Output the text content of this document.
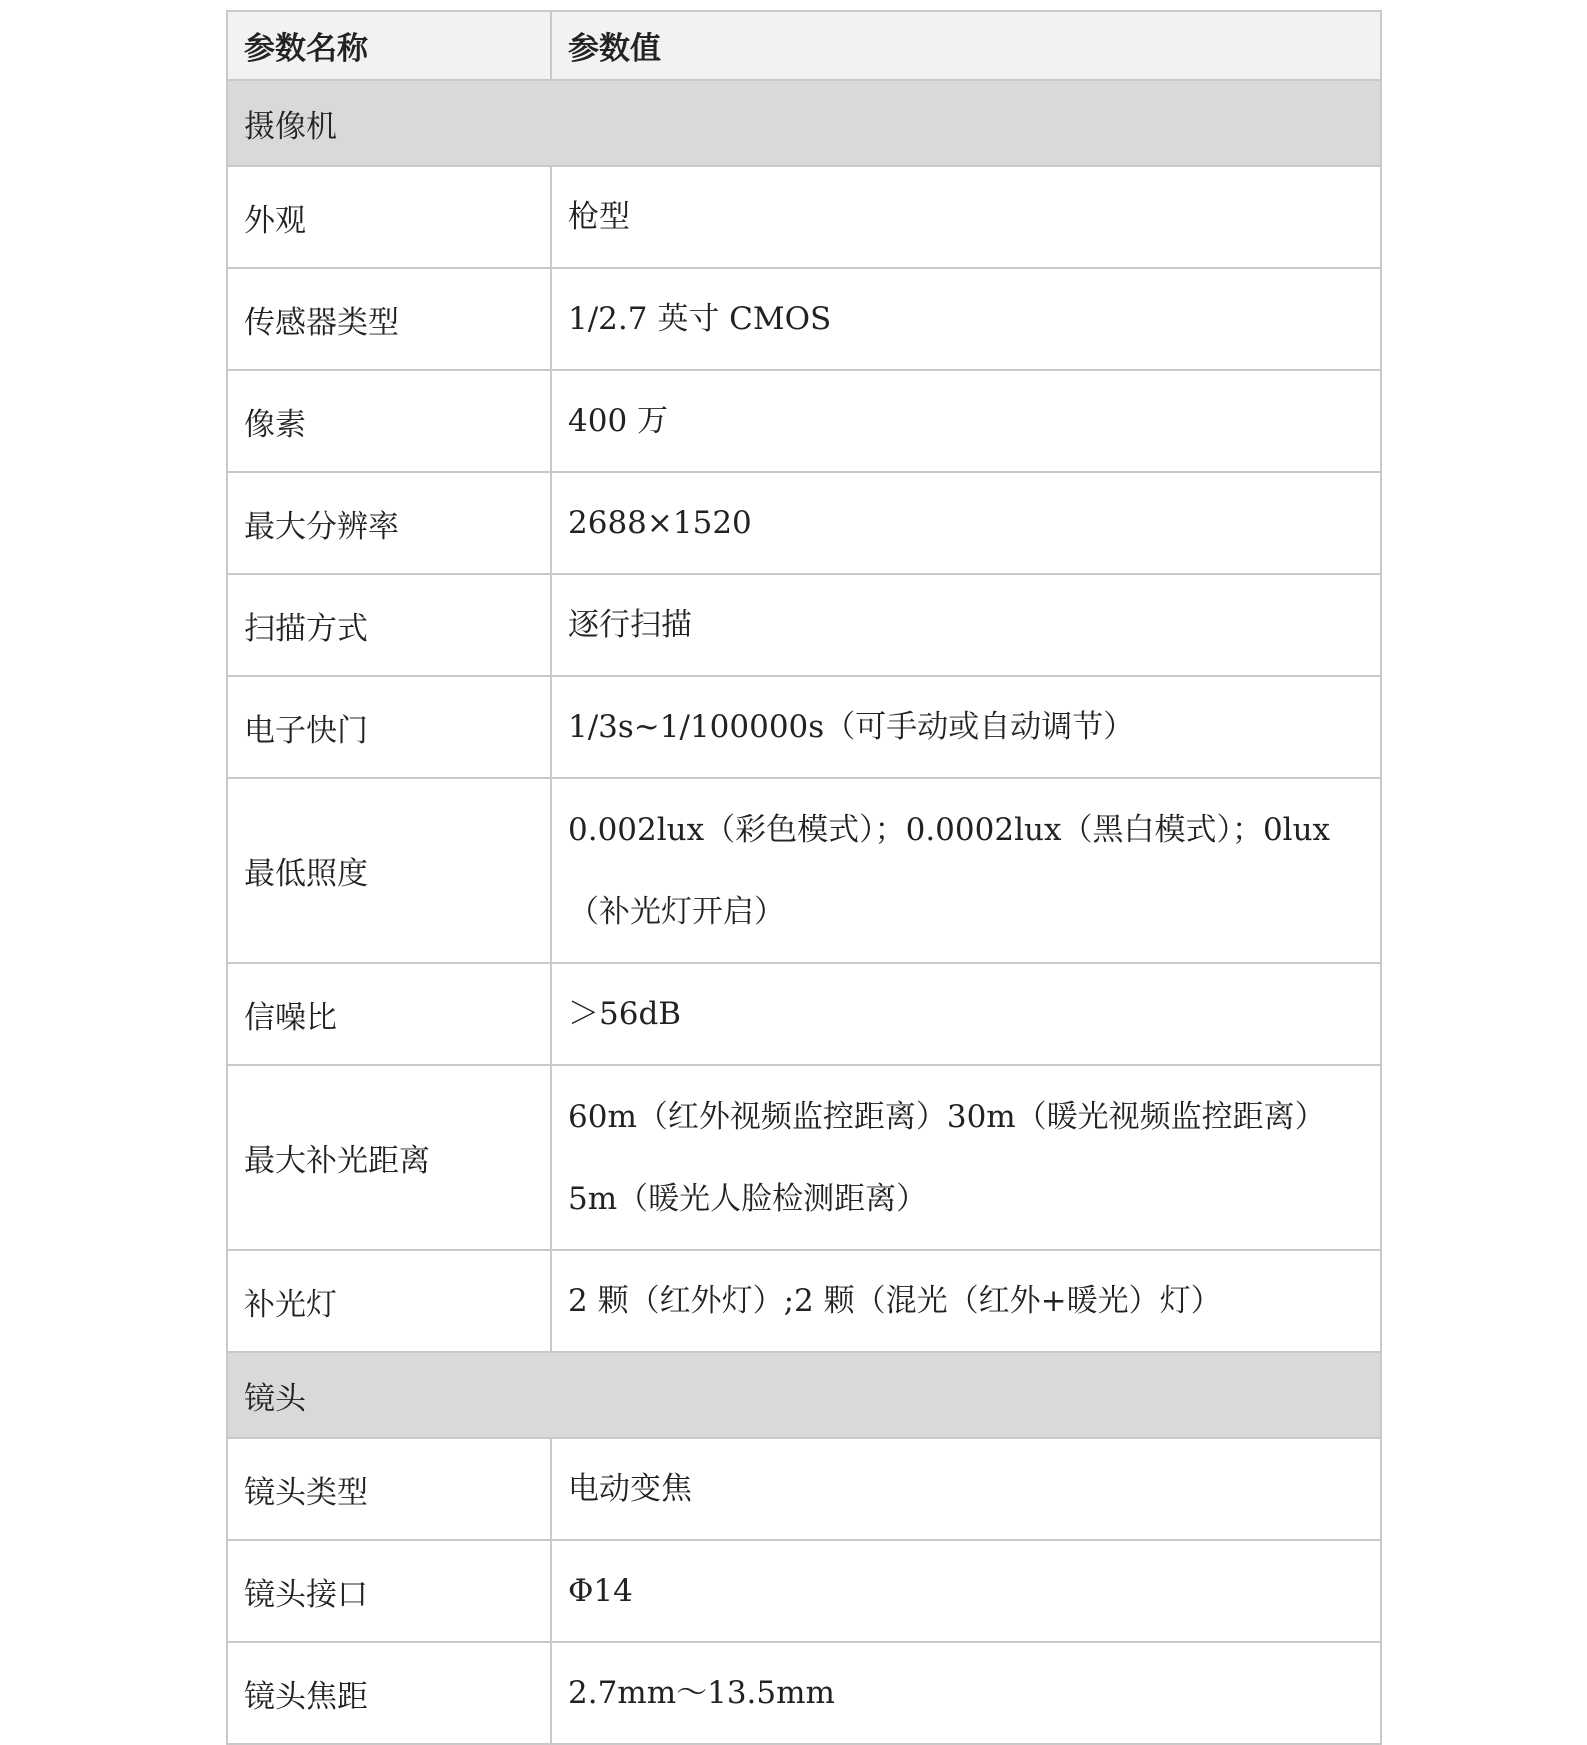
参数名称	参数值
摄像机	
外观	枪型
传感器类型	1/2.7 英寸 CMOS
像素	400 万
最大分辨率	2688×1520
扫描方式	逐行扫描
电子快门	1/3s~1/100000s（可手动或自动调节）
最低照度	0.002lux（彩色模式）；0.0002lux（黑白模式）；0lux（补光灯开启）
信噪比	＞56dB
最大补光距离	60m（红外视频监控距离）30m（暖光视频监控距离）5m（暖光人脸检测距离）
补光灯	2 颗（红外灯）;2 颗（混光（红外+暖光）灯）
镜头	
镜头类型	电动变焦
镜头接口	Φ14
镜头焦距	2.7mm～13.5mm
